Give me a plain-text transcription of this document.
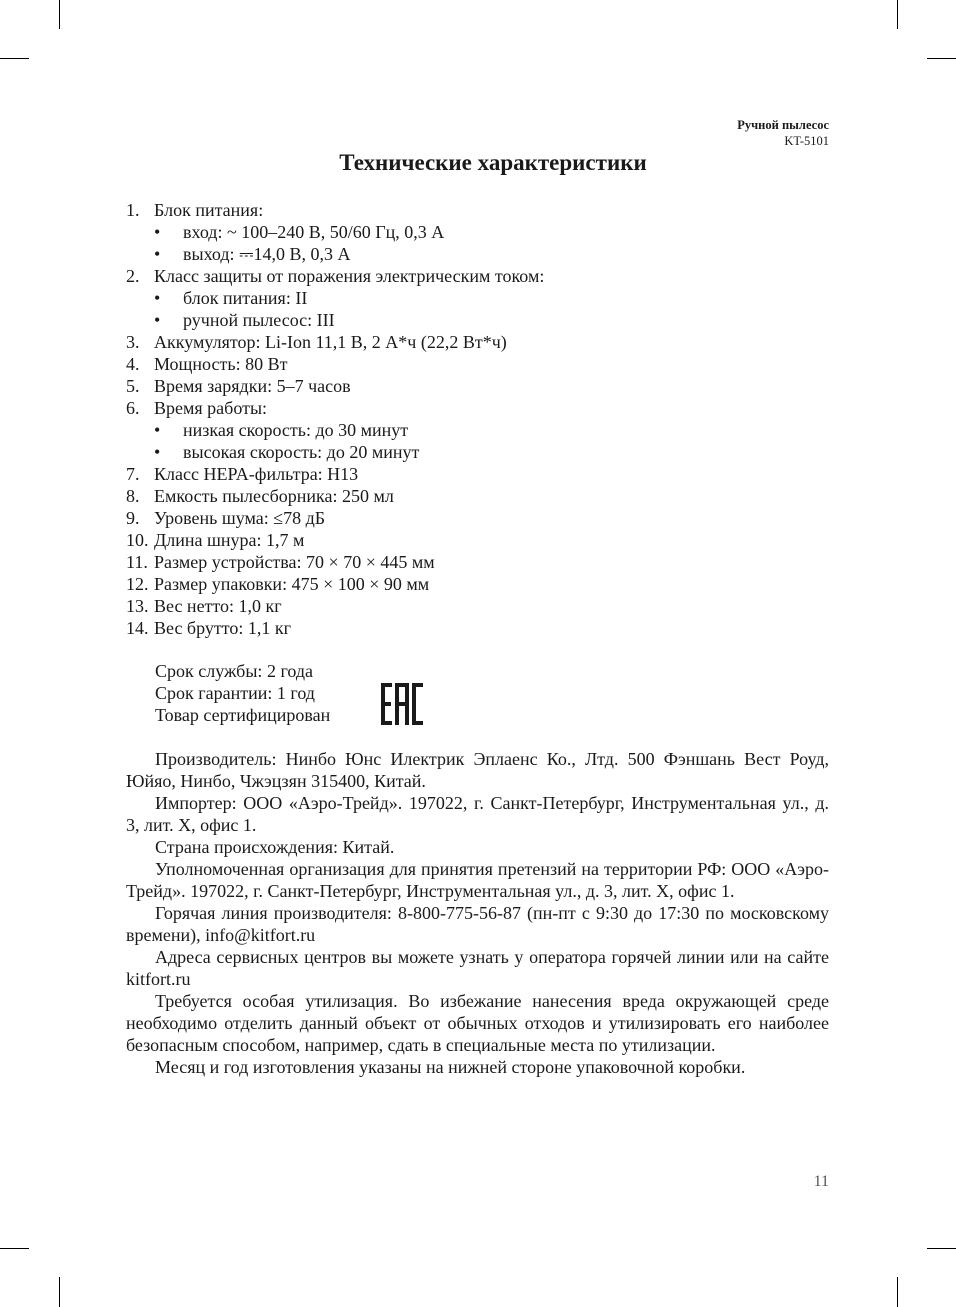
Ручной пылесос
KT-5101
Технические характеристики
1. Блок питания:
• вход: ~ 100–240 В, 50/60 Гц, 0,3 А
• выход: ⎓14,0 В, 0,3 А
2. Класс защиты от поражения электрическим током:
• блок питания: II
• ручной пылесос: III
3. Аккумулятор: Li-Ion 11,1 В, 2 А*ч (22,2 Вт*ч)
4. Мощность: 80 Вт
5. Время зарядки: 5–7 часов
6. Время работы:
• низкая скорость: до 30 минут
• высокая скорость: до 20 минут
7. Класс HEPA-фильтра: H13
8. Емкость пылесборника: 250 мл
9. Уровень шума: ≤78 дБ
10. Длина шнура: 1,7 м
11. Размер устройства: 70 × 70 × 445 мм
12. Размер упаковки: 475 × 100 × 90 мм
13. Вес нетто: 1,0 кг
14. Вес брутто: 1,1 кг
Срок службы: 2 года
Срок гарантии: 1 год
Товар сертифицирован

Производитель: Нинбо Юнс Илектрик Эплаенс Ко., Лтд. 500 Фэншань Вест Роуд, Юйяо, Нинбо, Чжэцзян 315400, Китай.

Импортер: ООО «Аэро-Трейд». 197022, г. Санкт-Петербург, Инструментальная ул., д. 3, лит. Х, офис 1.

Страна происхождения: Китай.

Уполномоченная организация для принятия претензий на территории РФ: ООО «Аэро-Трейд». 197022, г. Санкт-Петербург, Инструментальная ул., д. 3, лит. Х, офис 1.

Горячая линия производителя: 8-800-775-56-87 (пн-пт с 9:30 до 17:30 по московскому времени), info@kitfort.ru

Адреса сервисных центров вы можете узнать у оператора горячей линии или на сайте kitfort.ru

Требуется особая утилизация. Во избежание нанесения вреда окружающей среде необходимо отделить данный объект от обычных отходов и утилизировать его наиболее безопасным способом, например, сдать в специальные места по утилизации.

Месяц и год изготовления указаны на нижней стороне упаковочной коробки.

11
